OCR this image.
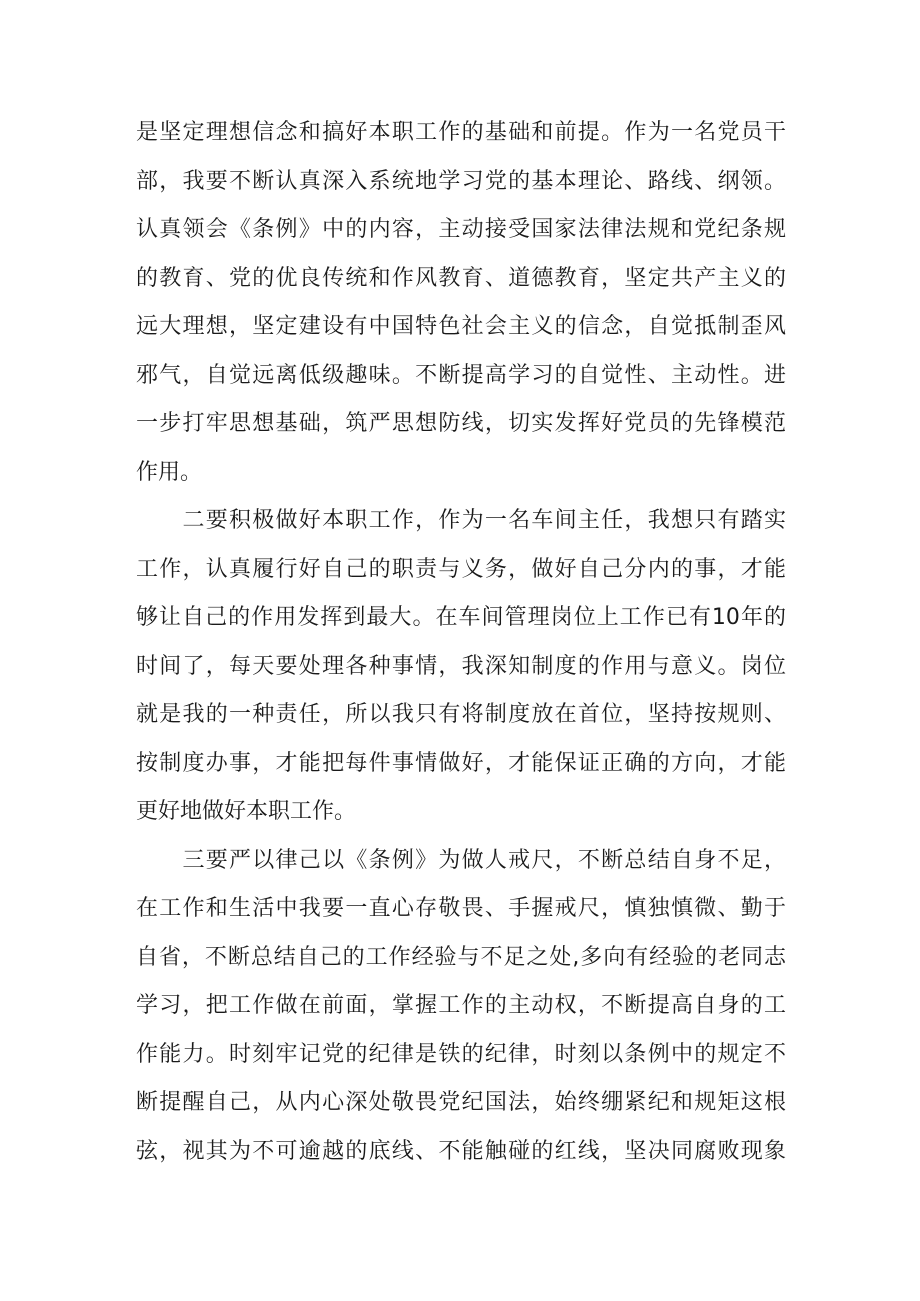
是坚定理想信念和搞好本职工作的基础和前提。作为一名党员干
部，我要不断认真深入系统地学习党的基本理论、路线、纲领。
认真领会《条例》中的内容，主动接受国家法律法规和党纪条规
的教育、党的优良传统和作风教育、道德教育，坚定共产主义的
远大理想，坚定建设有中国特色社会主义的信念，自觉抵制歪风
邪气，自觉远离低级趣味。不断提高学习的自觉性、主动性。进
一步打牢思想基础，筑严思想防线，切实发挥好党员的先锋模范
作用。
　　二要积极做好本职工作，作为一名车间主任，我想只有踏实
工作，认真履行好自己的职责与义务，做好自己分内的事，才能
够让自己的作用发挥到最大。在车间管理岗位上工作已有10年的
时间了，每天要处理各种事情，我深知制度的作用与意义。岗位
就是我的一种责任，所以我只有将制度放在首位，坚持按规则、
按制度办事，才能把每件事情做好，才能保证正确的方向，才能
更好地做好本职工作。
　　三要严以律己以《条例》为做人戒尺，不断总结自身不足，
在工作和生活中我要一直心存敬畏、手握戒尺，慎独慎微、勤于
自省，不断总结自己的工作经验与不足之处,多向有经验的老同志
学习，把工作做在前面，掌握工作的主动权，不断提高自身的工
作能力。时刻牢记党的纪律是铁的纪律，时刻以条例中的规定不
断提醒自己，从内心深处敬畏党纪国法，始终绷紧纪和规矩这根
弦，视其为不可逾越的底线、不能触碰的红线，坚决同腐败现象
